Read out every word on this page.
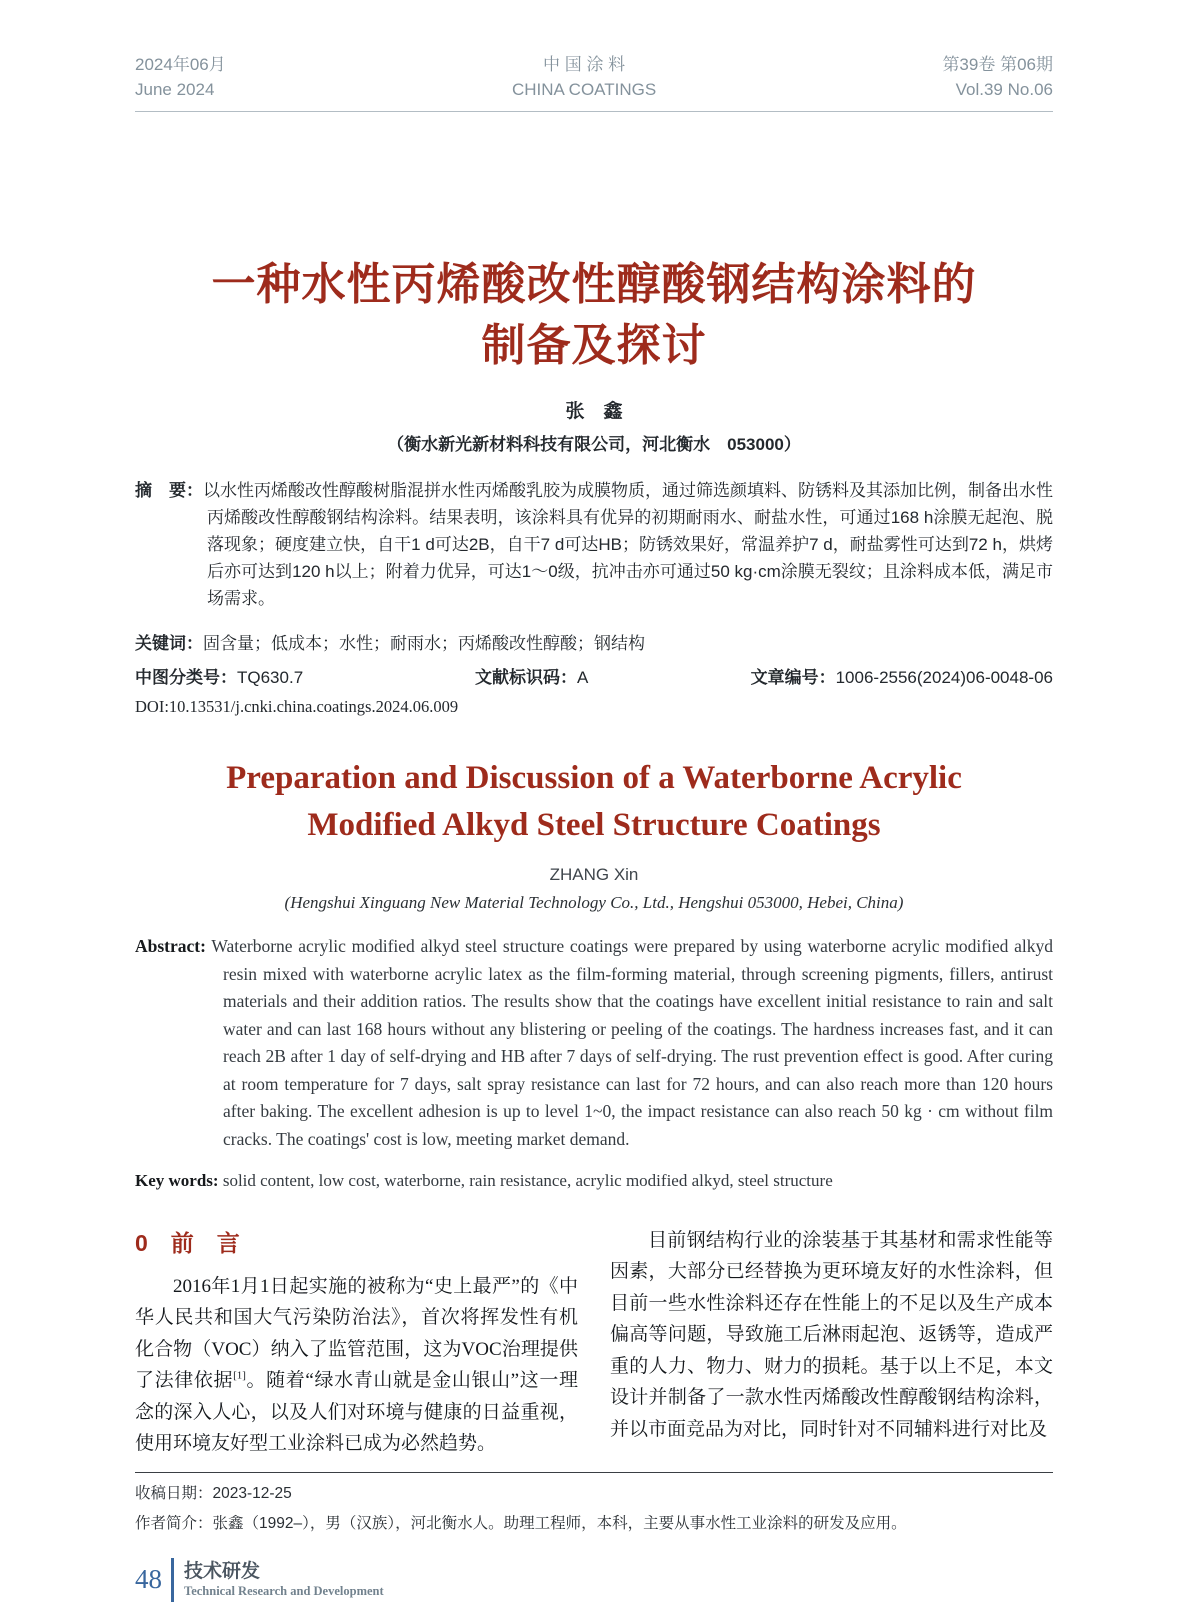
2024年06月
June 2024
中 国 涂 料
CHINA COATINGS
第39卷 第06期
Vol.39 No.06
一种水性丙烯酸改性醇酸钢结构涂料的
制备及探讨
张　鑫
（衡水新光新材料科技有限公司，河北衡水　053000）

摘　要：以水性丙烯酸改性醇酸树脂混拼水性丙烯酸乳胶为成膜物质，通过筛选颜填料、防锈料及其添加比例，制备出水性丙烯酸改性醇酸钢结构涂料。结果表明，该涂料具有优异的初期耐雨水、耐盐水性，可通过168 h涂膜无起泡、脱落现象；硬度建立快，自干1 d可达2B，自干7 d可达HB；防锈效果好，常温养护7 d，耐盐雾性可达到72 h，烘烤后亦可达到120 h以上；附着力优异，可达1～0级，抗冲击亦可通过50 kg·cm涂膜无裂纹；且涂料成本低，满足市场需求。

关键词：固含量；低成本；水性；耐雨水；丙烯酸改性醇酸；钢结构
中图分类号：TQ630.7	文献标识码：A	文章编号：1006-2556(2024)06-0048-06
DOI:10.13531/j.cnki.china.coatings.2024.06.009
Preparation and Discussion of a Waterborne Acrylic
Modified Alkyd Steel Structure Coatings
ZHANG Xin
(Hengshui Xinguang New Material Technology Co., Ltd., Hengshui 053000, Hebei, China)

Abstract: Waterborne acrylic modified alkyd steel structure coatings were prepared by using waterborne acrylic modified alkyd resin mixed with waterborne acrylic latex as the film-forming material, through screening pigments, fillers, antirust materials and their addition ratios. The results show that the coatings have excellent initial resistance to rain and salt water and can last 168 hours without any blistering or peeling of the coatings. The hardness increases fast, and it can reach 2B after 1 day of self-drying and HB after 7 days of self-drying. The rust prevention effect is good. After curing at room temperature for 7 days, salt spray resistance can last for 72 hours, and can also reach more than 120 hours after baking. The excellent adhesion is up to level 1~0, the impact resistance can also reach 50 kg · cm without film cracks. The coatings' cost is low, meeting market demand.

Key words: solid content, low cost, waterborne, rain resistance, acrylic modified alkyd, steel structure
0　前　言

2016年1月1日起实施的被称为“史上最严”的《中华人民共和国大气污染防治法》，首次将挥发性有机化合物（VOC）纳入了监管范围，这为VOC治理提供了法律依据[1]。随着“绿水青山就是金山银山”这一理念的深入人心，以及人们对环境与健康的日益重视，使用环境友好型工业涂料已成为必然趋势。

目前钢结构行业的涂装基于其基材和需求性能等因素，大部分已经替换为更环境友好的水性涂料，但目前一些水性涂料还存在性能上的不足以及生产成本偏高等问题，导致施工后淋雨起泡、返锈等，造成严重的人力、物力、财力的损耗。基于以上不足，本文设计并制备了一款水性丙烯酸改性醇酸钢结构涂料，并以市面竞品为对比，同时针对不同辅料进行对比及

收稿日期：2023-12-25
作者简介：张鑫（1992–），男（汉族），河北衡水人。助理工程师，本科，主要从事水性工业涂料的研发及应用。
48 技术研发
Technical Research and Development
